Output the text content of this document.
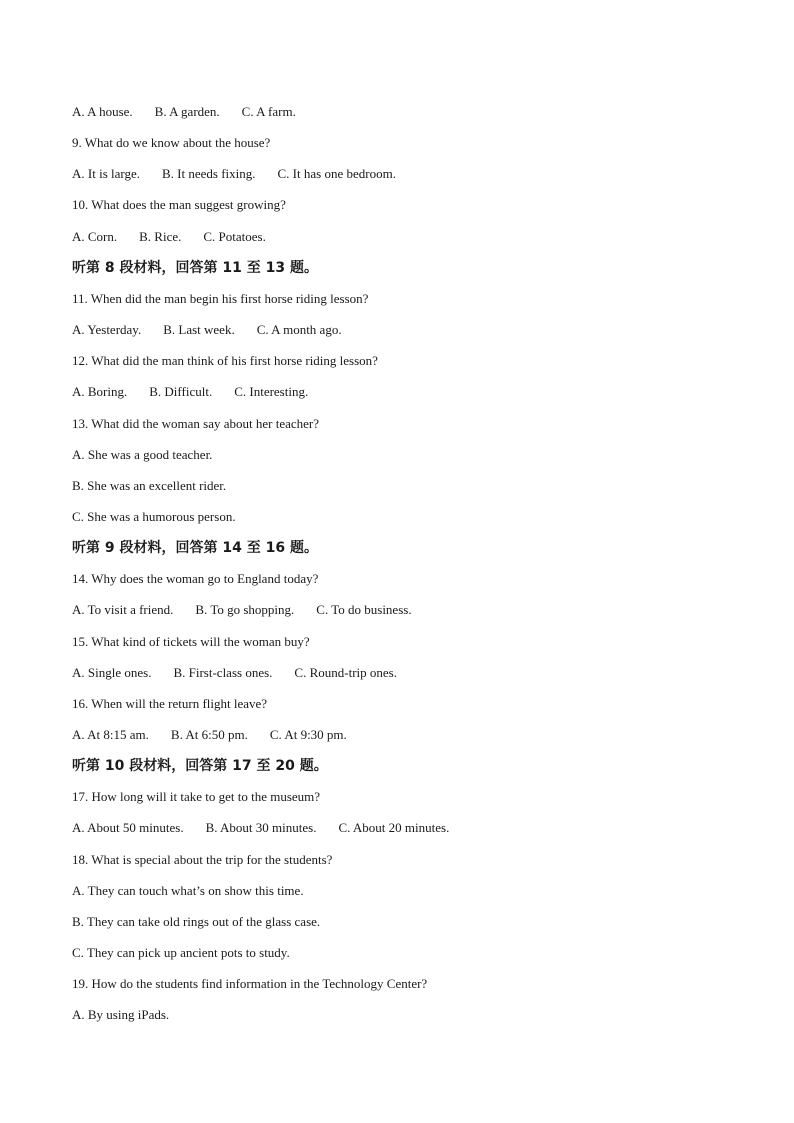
A. A house. B. A garden. C. A farm.
9. What do we know about the house?
A. It is large. B. It needs fixing. C. It has one bedroom.
10. What does the man suggest growing?
A. Corn. B. Rice. C. Potatoes.
听第 8 段材料，回答第 11 至 13 题。
11. When did the man begin his first horse riding lesson?
A. Yesterday. B. Last week. C. A month ago.
12. What did the man think of his first horse riding lesson?
A. Boring. B. Difficult. C. Interesting.
13. What did the woman say about her teacher?
A. She was a good teacher.
B. She was an excellent rider.
C. She was a humorous person.
听第 9 段材料，回答第 14 至 16 题。
14. Why does the woman go to England today?
A. To visit a friend. B. To go shopping. C. To do business.
15. What kind of tickets will the woman buy?
A. Single ones. B. First-class ones. C. Round-trip ones.
16. When will the return flight leave?
A. At 8:15 am. B. At 6:50 pm. C. At 9:30 pm.
听第 10 段材料，回答第 17 至 20 题。
17. How long will it take to get to the museum?
A. About 50 minutes. B. About 30 minutes. C. About 20 minutes.
18. What is special about the trip for the students?
A. They can touch what’s on show this time.
B. They can take old rings out of the glass case.
C. They can pick up ancient pots to study.
19. How do the students find information in the Technology Center?
A. By using iPads.
